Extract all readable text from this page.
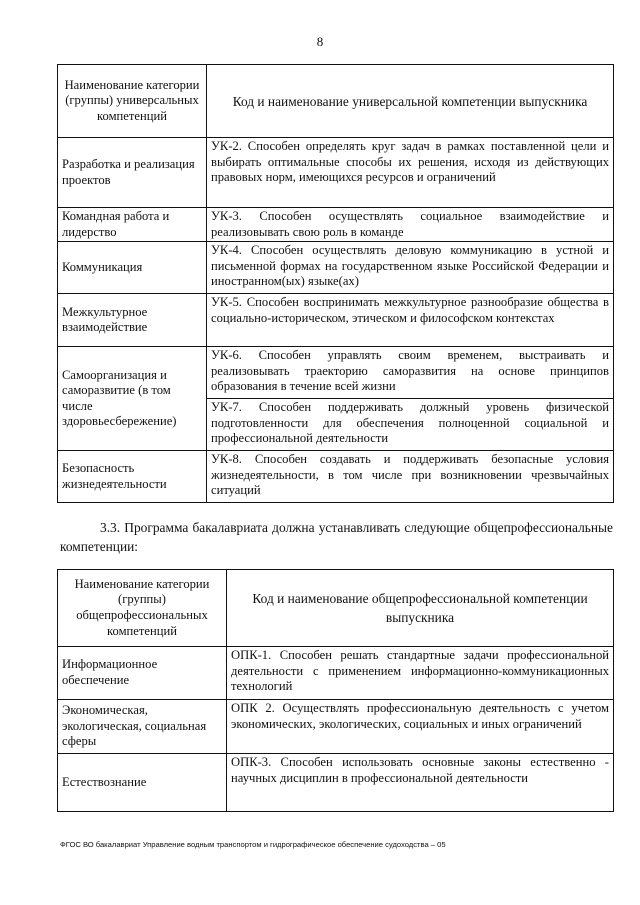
8
Наименование категории (группы) универсальных компетенций	Код и наименование универсальной компетенции выпускника
Разработка и реализация проектов	УК-2. Способен определять круг задач в рамках поставленной цели и выбирать оптимальные способы их решения, исходя из действующих правовых норм, имеющихся ресурсов и ограничений
Командная работа и лидерство	УК-3. Способен осуществлять социальное взаимодействие и реализовывать свою роль в команде
Коммуникация	УК-4. Способен осуществлять деловую коммуникацию в устной и письменной формах на государственном языке Российской Федерации и иностранном(ых) языке(ах)
Межкультурное взаимодействие	УК-5. Способен воспринимать межкультурное разнообразие общества в социально-историческом, этическом и философском контекстах
Самоорганизация и саморазвитие (в том числе здоровьесбережение)	УК-6. Способен управлять своим временем, выстраивать и реализовывать траекторию саморазвития на основе принципов образования в течение всей жизни
	УК-7. Способен поддерживать должный уровень физической подготовленности для обеспечения полноценной социальной и профессиональной деятельности
Безопасность жизнедеятельности	УК-8. Способен создавать и поддерживать безопасные условия жизнедеятельности, в том числе при возникновении чрезвычайных ситуаций
3.3. Программа бакалавриата должна устанавливать следующие общепрофессиональные компетенции:
Наименование категории (группы) общепрофессиональных компетенций	Код и наименование общепрофессиональной компетенции выпускника
Информационное обеспечение	ОПК-1. Способен решать стандартные задачи профессиональной деятельности с применением информационно-коммуникационных технологий
Экономическая, экологическая, социальная сферы	ОПК 2. Осуществлять профессиональную деятельность с учетом экономических, экологических, социальных и иных ограничений
Естествознание	ОПК-3. Способен использовать основные законы естественно - научных дисциплин в профессиональной деятельности
ФГОС ВО бакалавриат Управление водным транспортом и гидрографическое обеспечение судоходства – 05
